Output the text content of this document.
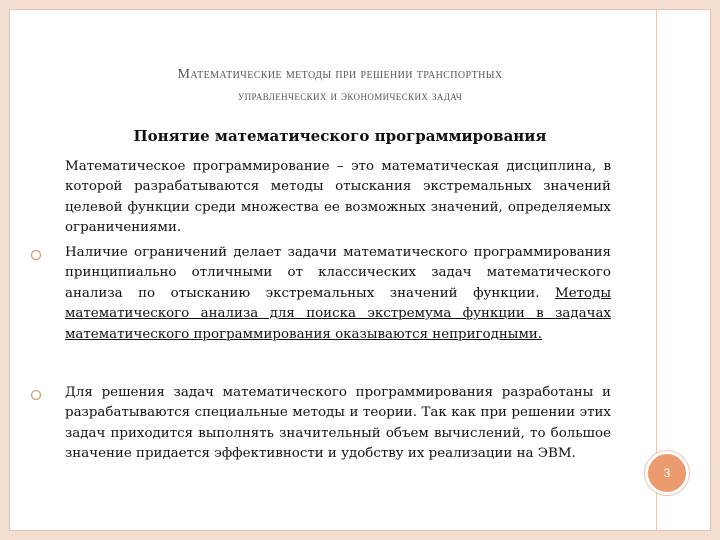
Математические методы при решении транспортных
управленческих и экономических задач
Понятие математического программирования
Математическое программирование – это математическая дисциплина, в которой разрабатываются методы отыскания экстремальных значений целевой функции среди множества ее возможных значений, определяемых ограничениями.
Наличие ограничений делает задачи математического программирования принципиально отличными от классических задач математического анализа по отысканию экстремальных значений функции. Методы математического анализа для поиска экстремума функции в задачах математического программирования оказываются непригодными.
Для решения задач математического программирования разработаны и разрабатываются специальные методы и теории. Так как при решении этих задач приходится выполнять значительный объем вычислений, то большое значение придается эффективности и удобству их реализации на ЭВМ.
3
